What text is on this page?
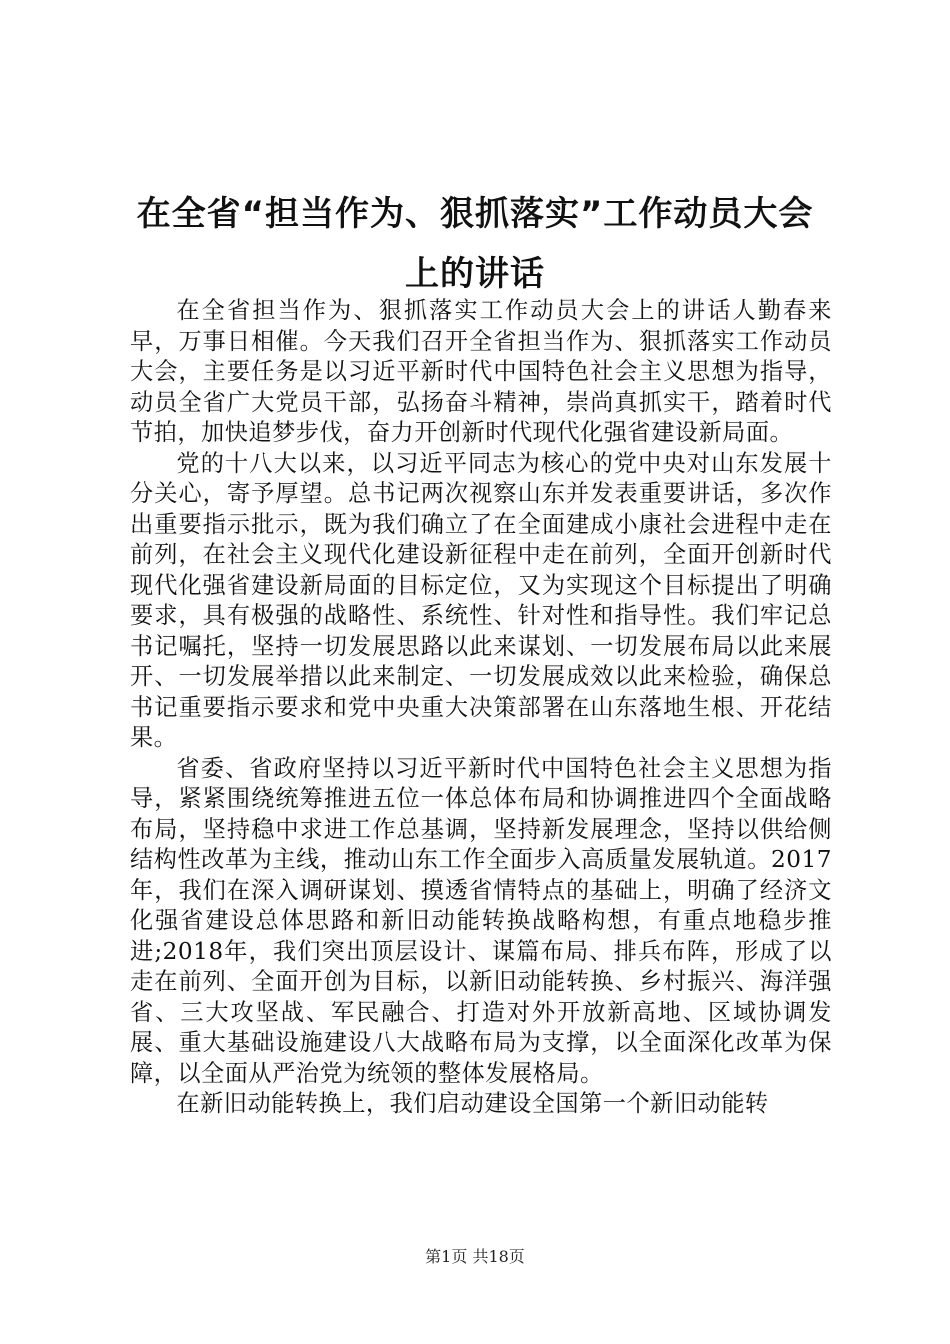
在全省“担当作为、狠抓落实”工作动员大会
上的讲话

在全省担当作为、狠抓落实工作动员大会上的讲话人勤春来早，万事日相催。今天我们召开全省担当作为、狠抓落实工作动员大会，主要任务是以习近平新时代中国特色社会主义思想为指导，动员全省广大党员干部，弘扬奋斗精神，崇尚真抓实干，踏着时代节拍，加快追梦步伐，奋力开创新时代现代化强省建设新局面。

党的十八大以来，以习近平同志为核心的党中央对山东发展十分关心，寄予厚望。总书记两次视察山东并发表重要讲话，多次作出重要指示批示，既为我们确立了在全面建成小康社会进程中走在前列，在社会主义现代化建设新征程中走在前列，全面开创新时代现代化强省建设新局面的目标定位，又为实现这个目标提出了明确要求，具有极强的战略性、系统性、针对性和指导性。我们牢记总书记嘱托，坚持一切发展思路以此来谋划、一切发展布局以此来展开、一切发展举措以此来制定、一切发展成效以此来检验，确保总书记重要指示要求和党中央重大决策部署在山东落地生根、开花结果。

省委、省政府坚持以习近平新时代中国特色社会主义思想为指导，紧紧围绕统筹推进五位一体总体布局和协调推进四个全面战略布局，坚持稳中求进工作总基调，坚持新发展理念，坚持以供给侧结构性改革为主线，推动山东工作全面步入高质量发展轨道。2017年，我们在深入调研谋划、摸透省情特点的基础上，明确了经济文化强省建设总体思路和新旧动能转换战略构想，有重点地稳步推进;2018年，我们突出顶层设计、谋篇布局、排兵布阵，形成了以走在前列、全面开创为目标，以新旧动能转换、乡村振兴、海洋强省、三大攻坚战、军民融合、打造对外开放新高地、区域协调发展、重大基础设施建设八大战略布局为支撑，以全面深化改革为保障，以全面从严治党为统领的整体发展格局。

在新旧动能转换上，我们启动建设全国第一个新旧动能转

第1页 共18页
